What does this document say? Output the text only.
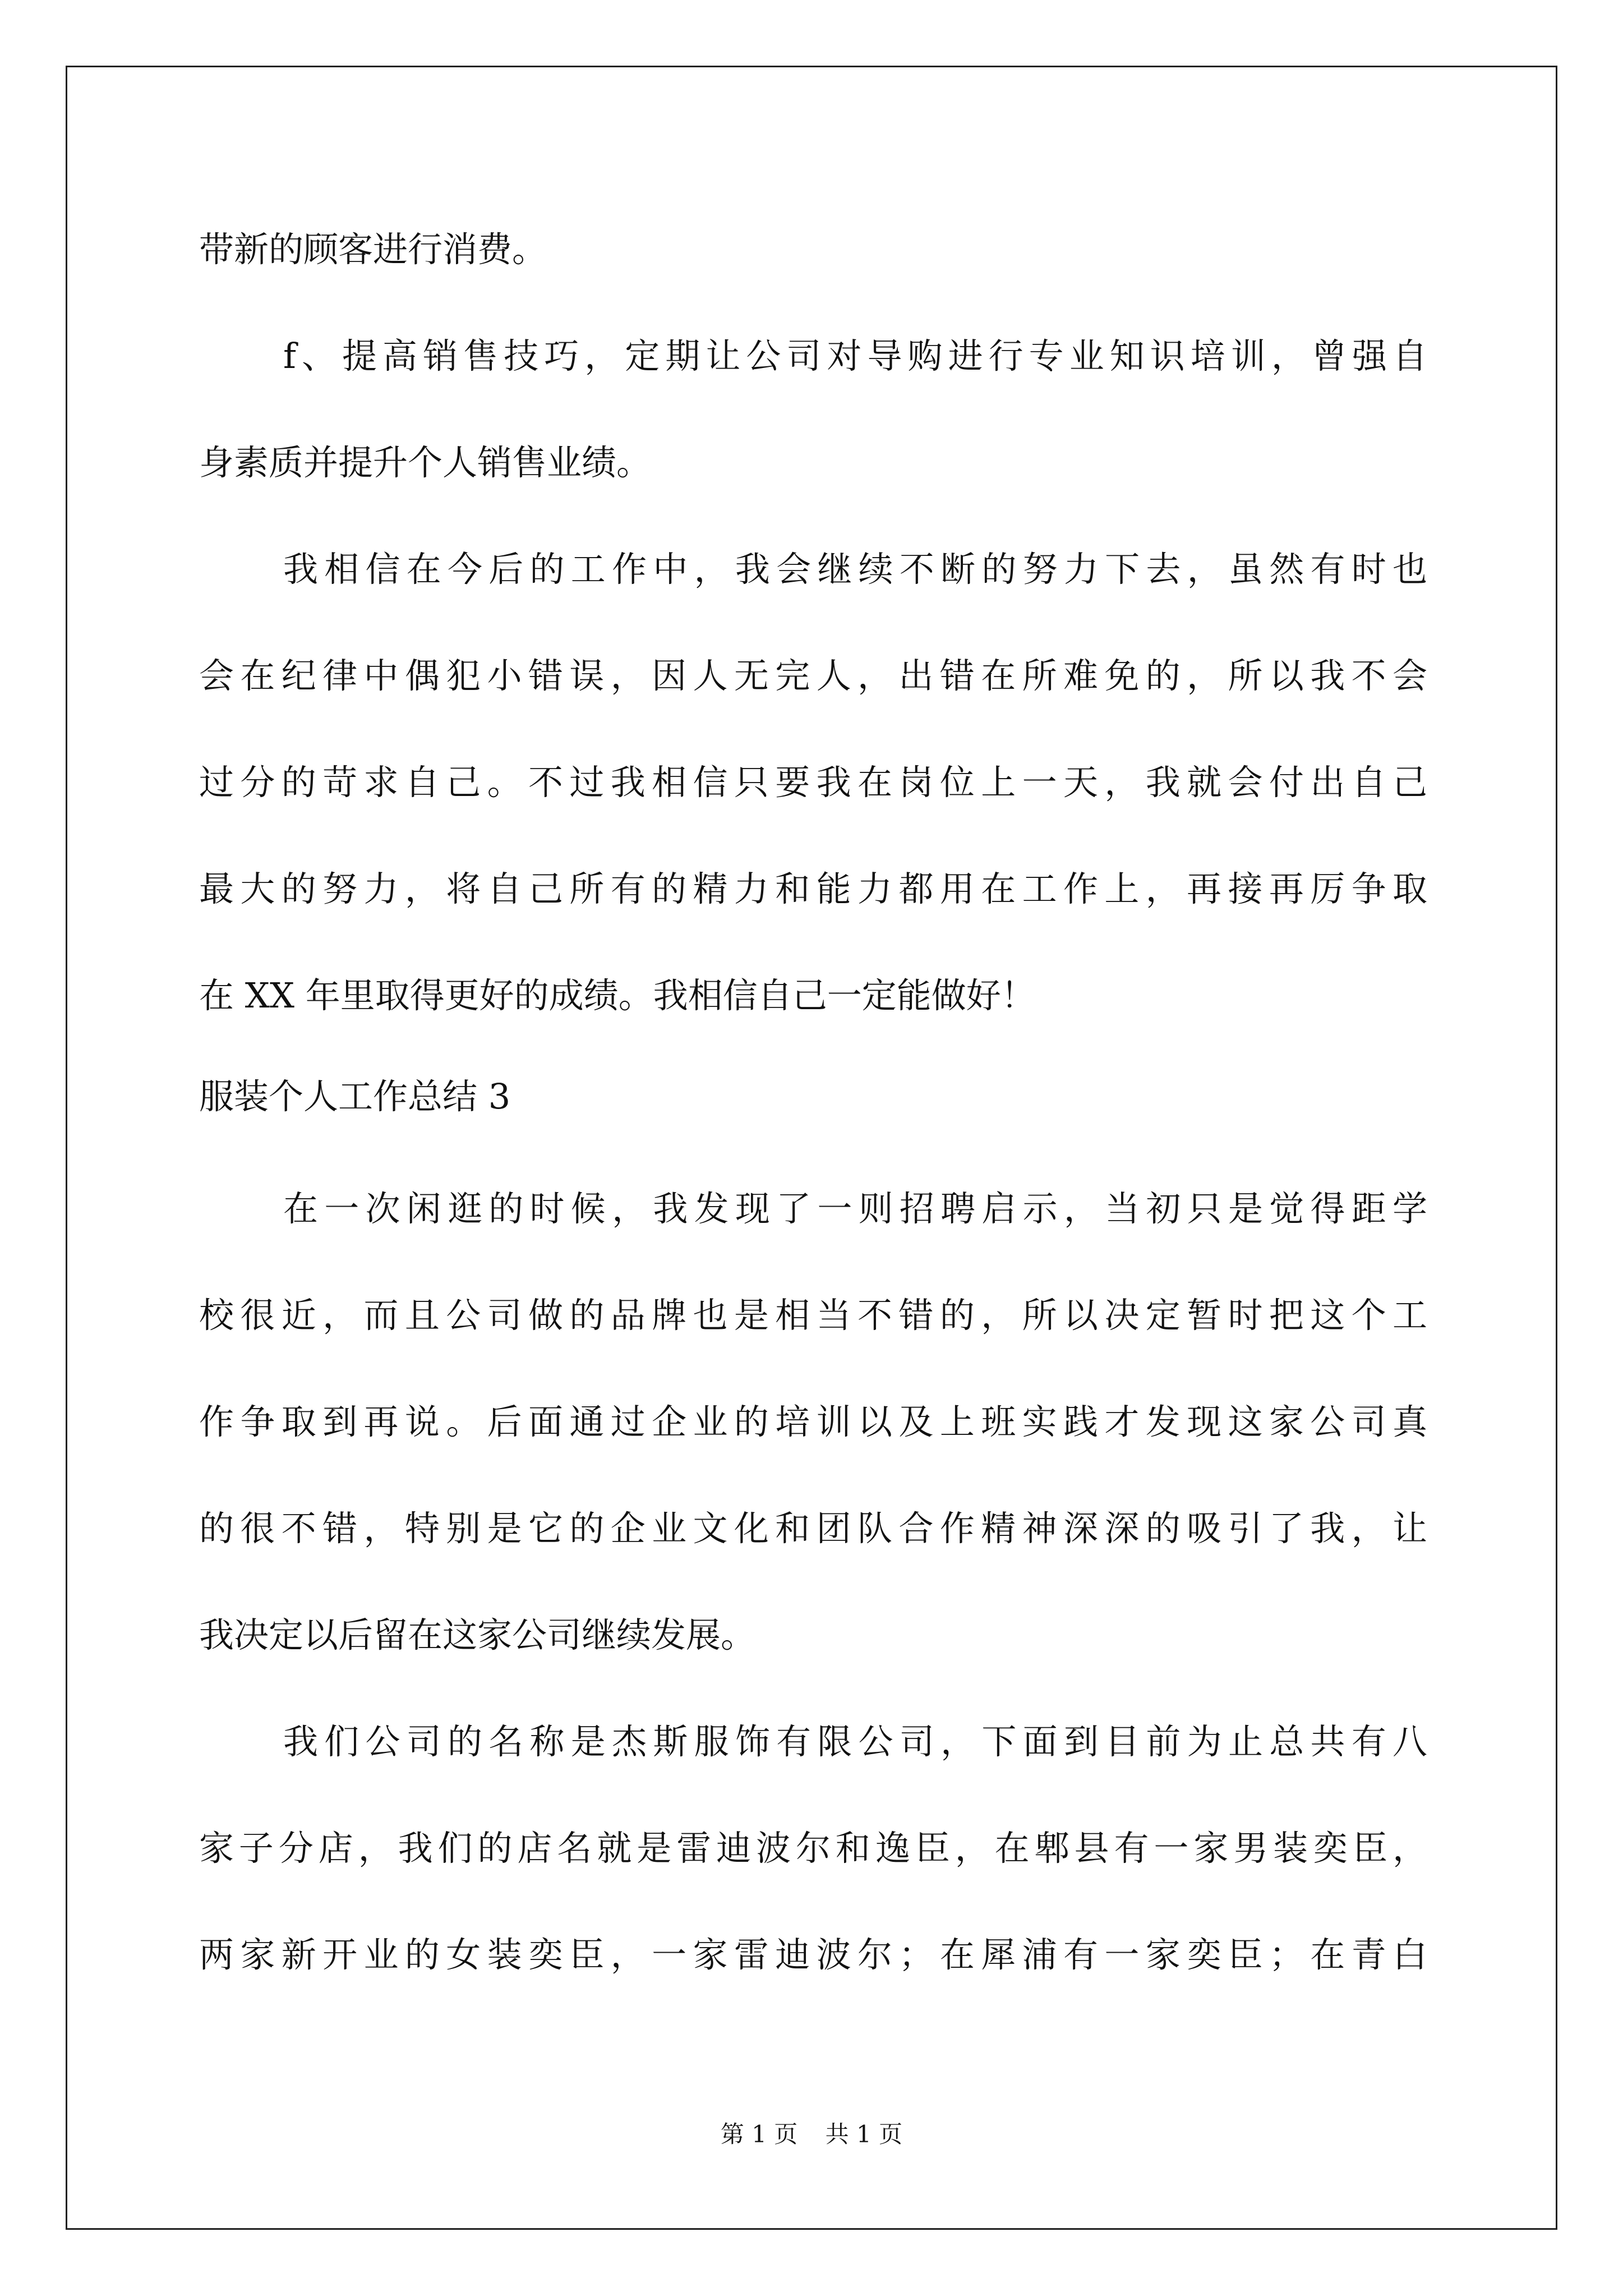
带新的顾客进行消费。
f、提高销售技巧，定期让公司对导购进行专业知识培训，曾强自
身素质并提升个人销售业绩。
我相信在今后的工作中，我会继续不断的努力下去，虽然有时也
会在纪律中偶犯小错误，因人无完人，出错在所难免的，所以我不会
过分的苛求自己。不过我相信只要我在岗位上一天，我就会付出自己
最大的努力，将自己所有的精力和能力都用在工作上，再接再厉争取
在 XX 年里取得更好的成绩。我相信自己一定能做好！
服装个人工作总结 3
在一次闲逛的时候，我发现了一则招聘启示，当初只是觉得距学
校很近，而且公司做的品牌也是相当不错的，所以决定暂时把这个工
作争取到再说。后面通过企业的培训以及上班实践才发现这家公司真
的很不错，特别是它的企业文化和团队合作精神深深的吸引了我，让
我决定以后留在这家公司继续发展。
我们公司的名称是杰斯服饰有限公司，下面到目前为止总共有八
家子分店，我们的店名就是雷迪波尔和逸臣，在郫县有一家男装奕臣，
两家新开业的女装奕臣，一家雷迪波尔；在犀浦有一家奕臣；在青白
第 1 页 共 1 页
